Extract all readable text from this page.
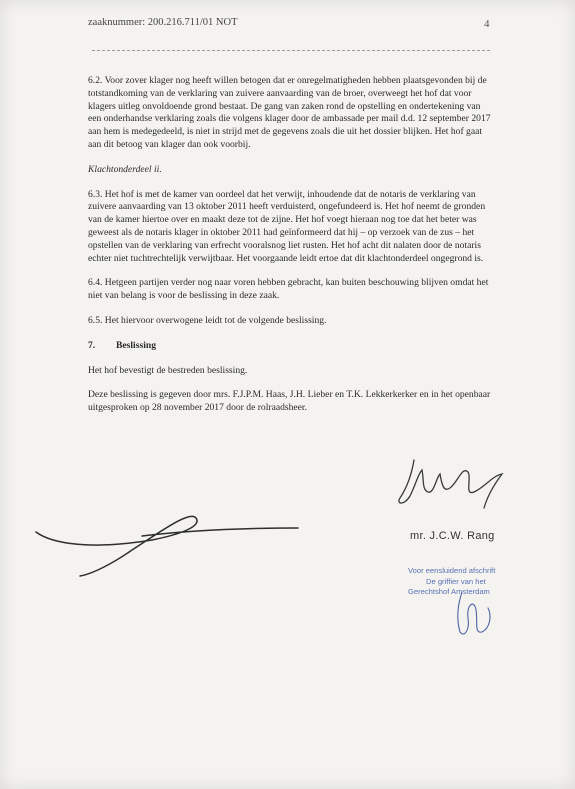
zaaknummer: 200.216.711/01 NOT	4

6.2. Voor zover klager nog heeft willen betogen dat er onregelmatigheden hebben plaatsgevonden bij de totstandkoming van de verklaring van zuivere aanvaarding van de broer, overweegt het hof dat voor klagers uitleg onvoldoende grond bestaat. De gang van zaken rond de opstelling en ondertekening van een onderhandse verklaring zoals die volgens klager door de ambassade per mail d.d. 12 september 2017 aan hem is medegedeeld, is niet in strijd met de gegevens zoals die uit het dossier blijken. Het hof gaat aan dit betoog van klager dan ook voorbij.

Klachtonderdeel ii.

6.3. Het hof is met de kamer van oordeel dat het verwijt, inhoudende dat de notaris de verklaring van zuivere aanvaarding van 13 oktober 2011 heeft verduisterd, ongefundeerd is. Het hof neemt de gronden van de kamer hiertoe over en maakt deze tot de zijne. Het hof voegt hieraan nog toe dat het beter was geweest als de notaris klager in oktober 2011 had geïnformeerd dat hij – op verzoek van de zus – het opstellen van de verklaring van erfrecht vooralsnog liet rusten. Het hof acht dit nalaten door de notaris echter niet tuchtrechtelijk verwijtbaar. Het voorgaande leidt ertoe dat dit klachtonderdeel ongegrond is.

6.4. Hetgeen partijen verder nog naar voren hebben gebracht, kan buiten beschouwing blijven omdat het niet van belang is voor de beslissing in deze zaak.

6.5. Het hiervoor overwogene leidt tot de volgende beslissing.

7. Beslissing

Het hof bevestigt de bestreden beslissing.

Deze beslissing is gegeven door mrs. F.J.P.M. Haas, J.H. Lieber en T.K. Lekkerkerker en in het openbaar uitgesproken op 28 november 2017 door de rolraadsheer.

mr. J.C.W. Rang
Voor eensluidend afschrift
De griffier van het
Gerechtshof Amsterdam
